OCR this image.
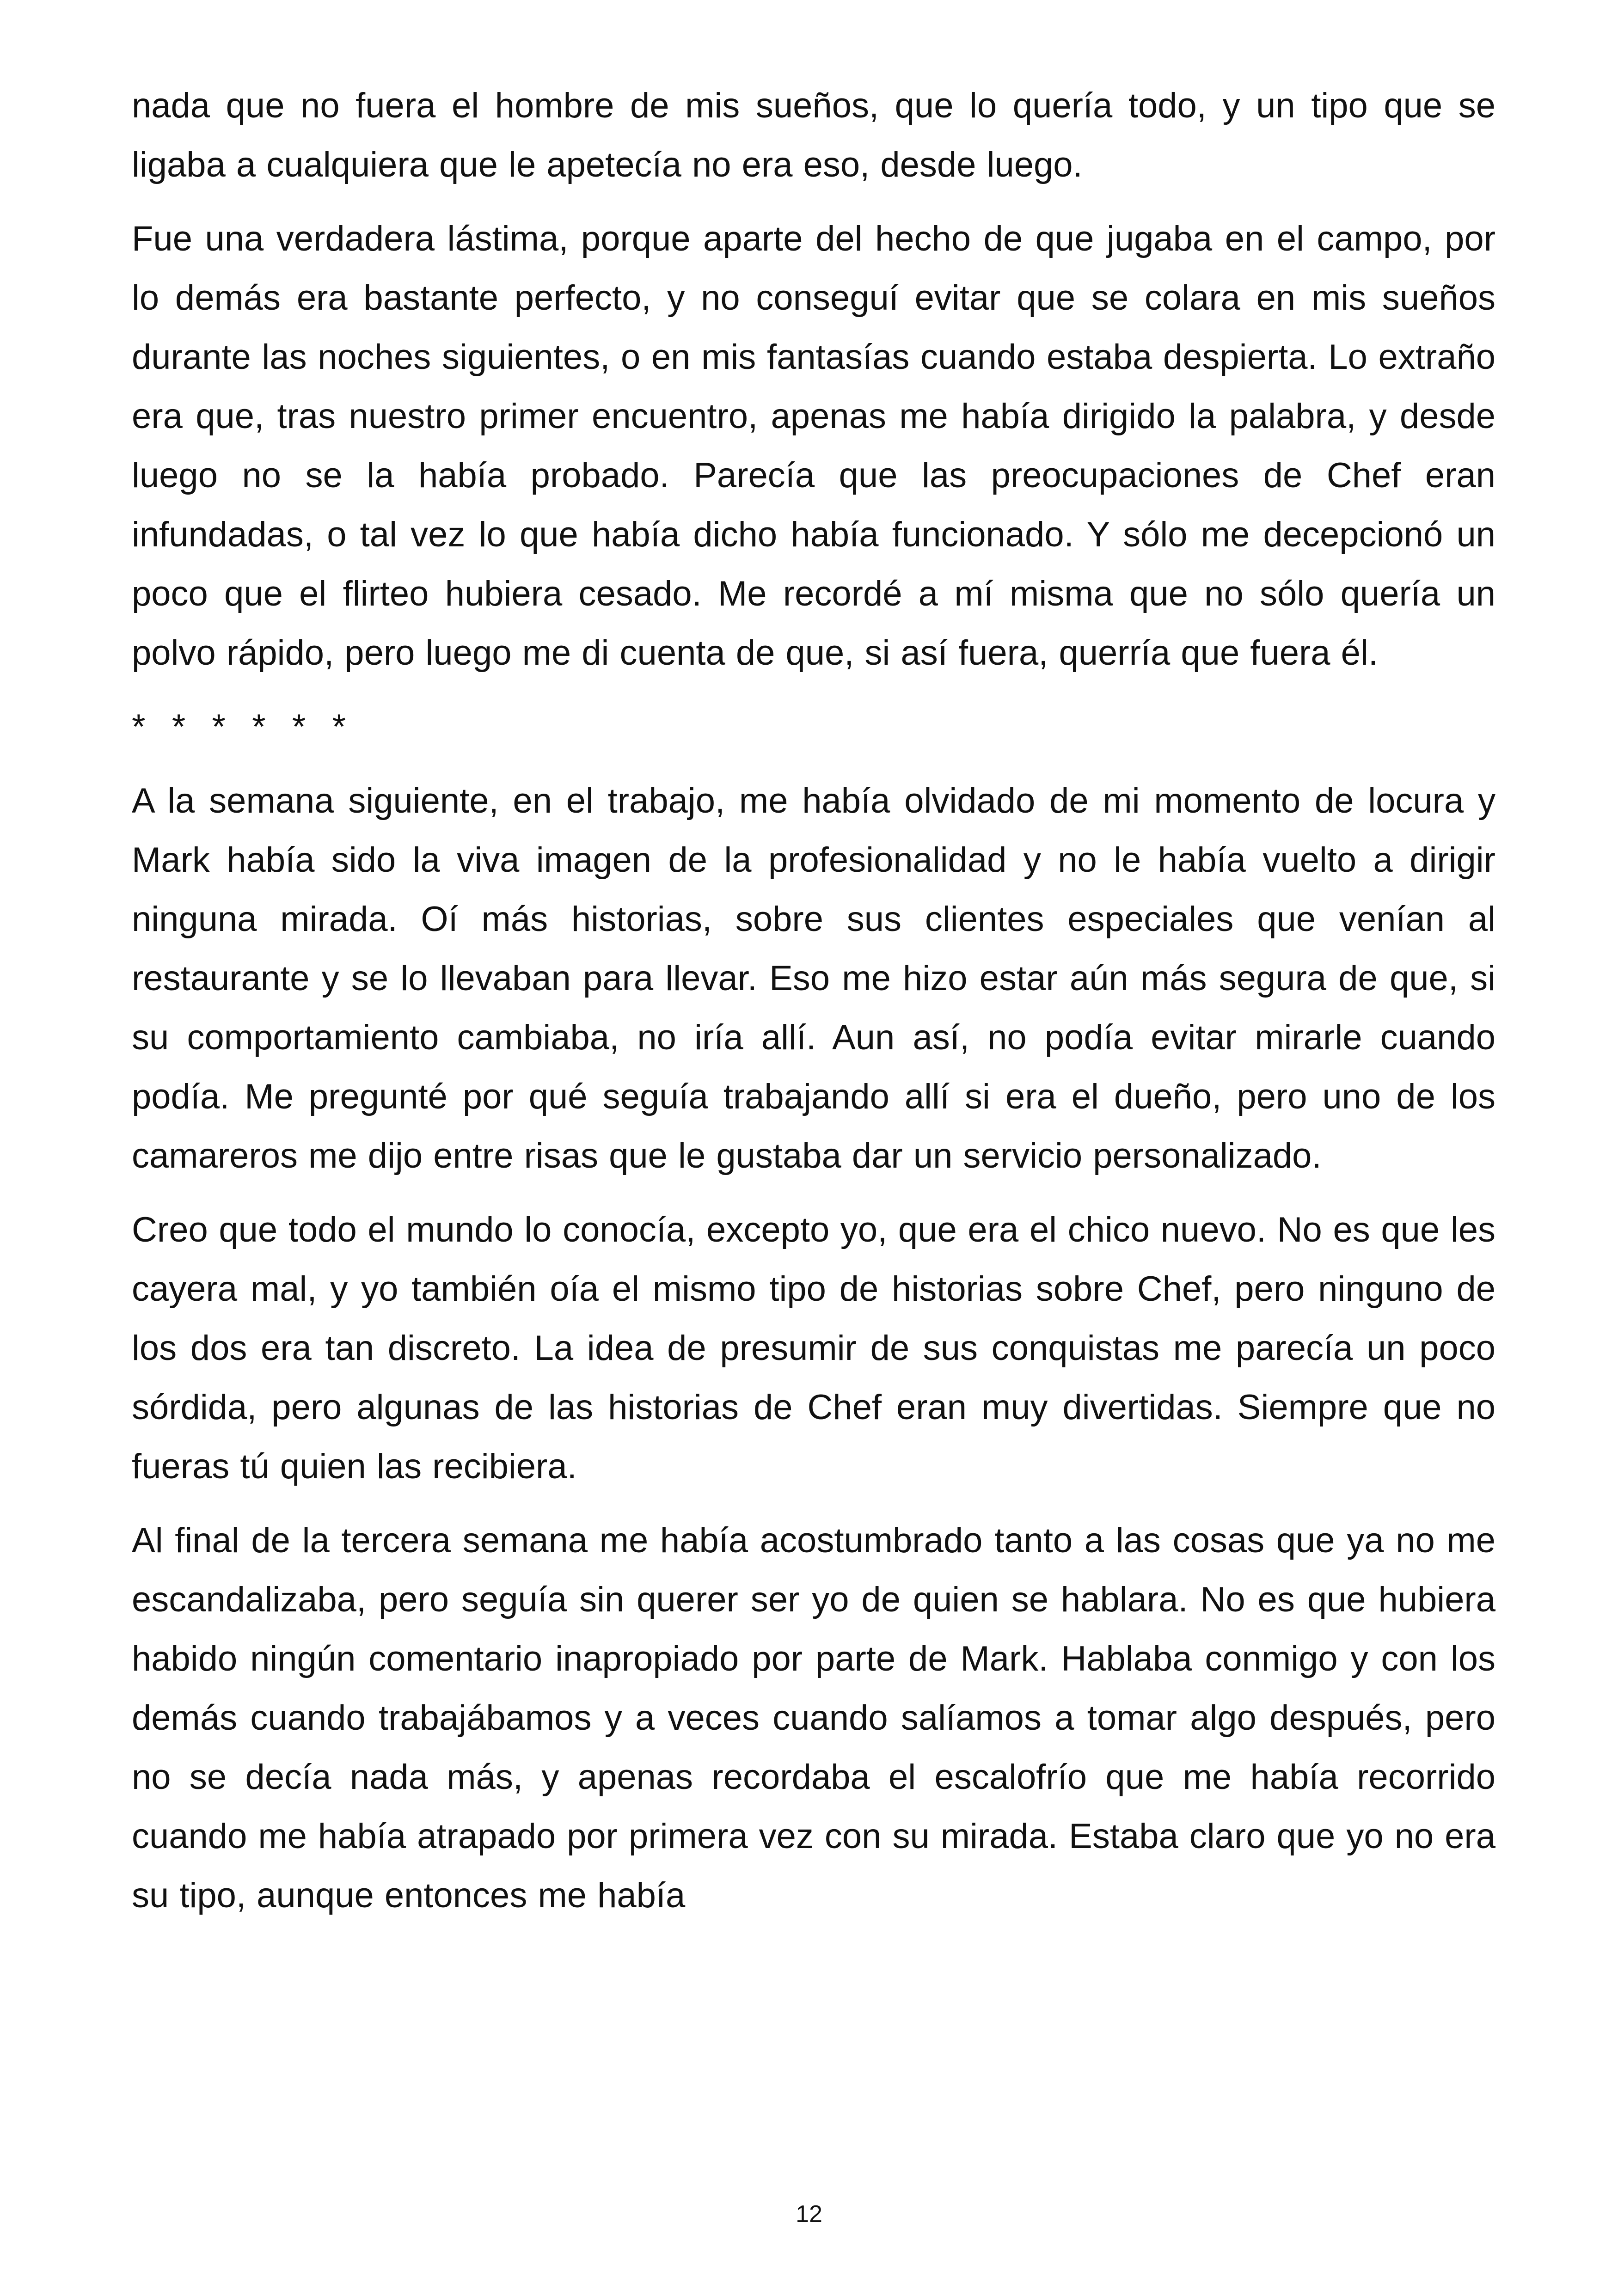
nada que no fuera el hombre de mis sueños, que lo quería todo, y un tipo que se ligaba a cualquiera que le apetecía no era eso, desde luego.

Fue una verdadera lástima, porque aparte del hecho de que jugaba en el campo, por lo demás era bastante perfecto, y no conseguí evitar que se colara en mis sueños durante las noches siguientes, o en mis fantasías cuando estaba despierta. Lo extraño era que, tras nuestro primer encuentro, apenas me había dirigido la palabra, y desde luego no se la había probado. Parecía que las preocupaciones de Chef eran infundadas, o tal vez lo que había dicho había funcionado. Y sólo me decepcionó un poco que el flirteo hubiera cesado. Me recordé a mí misma que no sólo quería un polvo rápido, pero luego me di cuenta de que, si así fuera, querría que fuera él.

* * * * * *

A la semana siguiente, en el trabajo, me había olvidado de mi momento de locura y Mark había sido la viva imagen de la profesionalidad y no le había vuelto a dirigir ninguna mirada. Oí más historias, sobre sus clientes especiales que venían al restaurante y se lo llevaban para llevar. Eso me hizo estar aún más segura de que, si su comportamiento cambiaba, no iría allí. Aun así, no podía evitar mirarle cuando podía. Me pregunté por qué seguía trabajando allí si era el dueño, pero uno de los camareros me dijo entre risas que le gustaba dar un servicio personalizado.

Creo que todo el mundo lo conocía, excepto yo, que era el chico nuevo. No es que les cayera mal, y yo también oía el mismo tipo de historias sobre Chef, pero ninguno de los dos era tan discreto. La idea de presumir de sus conquistas me parecía un poco sórdida, pero algunas de las historias de Chef eran muy divertidas. Siempre que no fueras tú quien las recibiera.

Al final de la tercera semana me había acostumbrado tanto a las cosas que ya no me escandalizaba, pero seguía sin querer ser yo de quien se hablara. No es que hubiera habido ningún comentario inapropiado por parte de Mark. Hablaba conmigo y con los demás cuando trabajábamos y a veces cuando salíamos a tomar algo después, pero no se decía nada más, y apenas recordaba el escalofrío que me había recorrido cuando me había atrapado por primera vez con su mirada. Estaba claro que yo no era su tipo, aunque entonces me había

12
